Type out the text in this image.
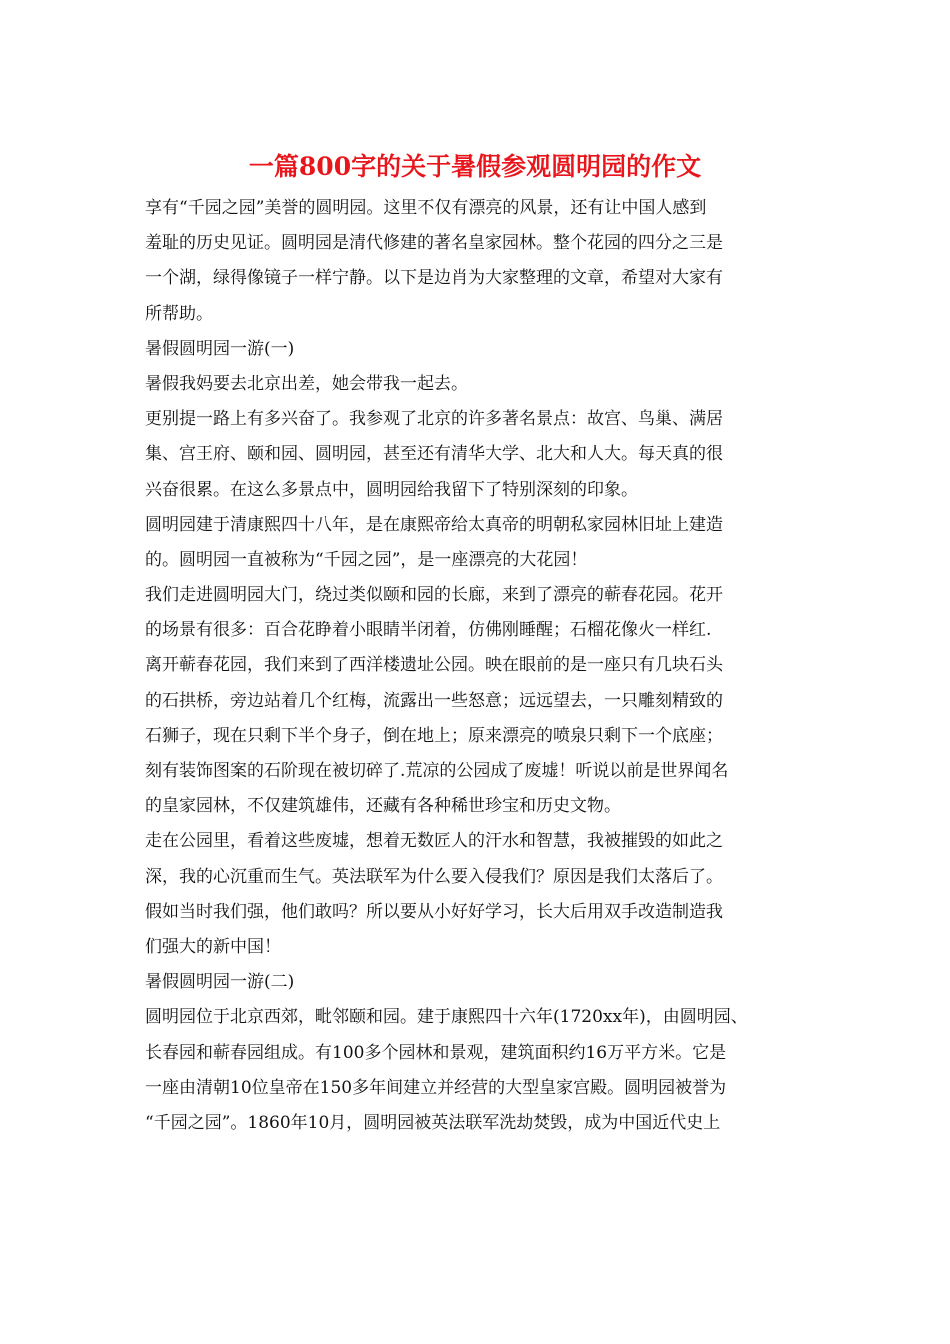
一篇800字的关于暑假参观圆明园的作文
享有“千园之园”美誉的圆明园。这里不仅有漂亮的风景，还有让中国人感到
羞耻的历史见证。圆明园是清代修建的著名皇家园林。整个花园的四分之三是
一个湖，绿得像镜子一样宁静。以下是边肖为大家整理的文章，希望对大家有
所帮助。
暑假圆明园一游(一)
暑假我妈要去北京出差，她会带我一起去。
更别提一路上有多兴奋了。我参观了北京的许多著名景点：故宫、鸟巢、满居
集、宫王府、颐和园、圆明园，甚至还有清华大学、北大和人大。每天真的很
兴奋很累。在这么多景点中，圆明园给我留下了特别深刻的印象。
圆明园建于清康熙四十八年，是在康熙帝给太真帝的明朝私家园林旧址上建造
的。圆明园一直被称为“千园之园”，是一座漂亮的大花园！
我们走进圆明园大门，绕过类似颐和园的长廊，来到了漂亮的蕲春花园。花开
的场景有很多：百合花睁着小眼睛半闭着，仿佛刚睡醒；石榴花像火一样红.
离开蕲春花园，我们来到了西洋楼遗址公园。映在眼前的是一座只有几块石头
的石拱桥，旁边站着几个红梅，流露出一些怒意；远远望去，一只雕刻精致的
石狮子，现在只剩下半个身子，倒在地上；原来漂亮的喷泉只剩下一个底座；
刻有装饰图案的石阶现在被切碎了.荒凉的公园成了废墟！听说以前是世界闻名
的皇家园林，不仅建筑雄伟，还藏有各种稀世珍宝和历史文物。
走在公园里，看着这些废墟，想着无数匠人的汗水和智慧，我被摧毁的如此之
深，我的心沉重而生气。英法联军为什么要入侵我们？原因是我们太落后了。
假如当时我们强，他们敢吗？所以要从小好好学习，长大后用双手改造制造我
们强大的新中国！
暑假圆明园一游(二)
圆明园位于北京西郊，毗邻颐和园。建于康熙四十六年(1720xx年)，由圆明园、
长春园和蕲春园组成。有100多个园林和景观，建筑面积约16万平方米。它是
一座由清朝10位皇帝在150多年间建立并经营的大型皇家宫殿。圆明园被誉为
“千园之园”。1860年10月，圆明园被英法联军洗劫焚毁，成为中国近代史上
